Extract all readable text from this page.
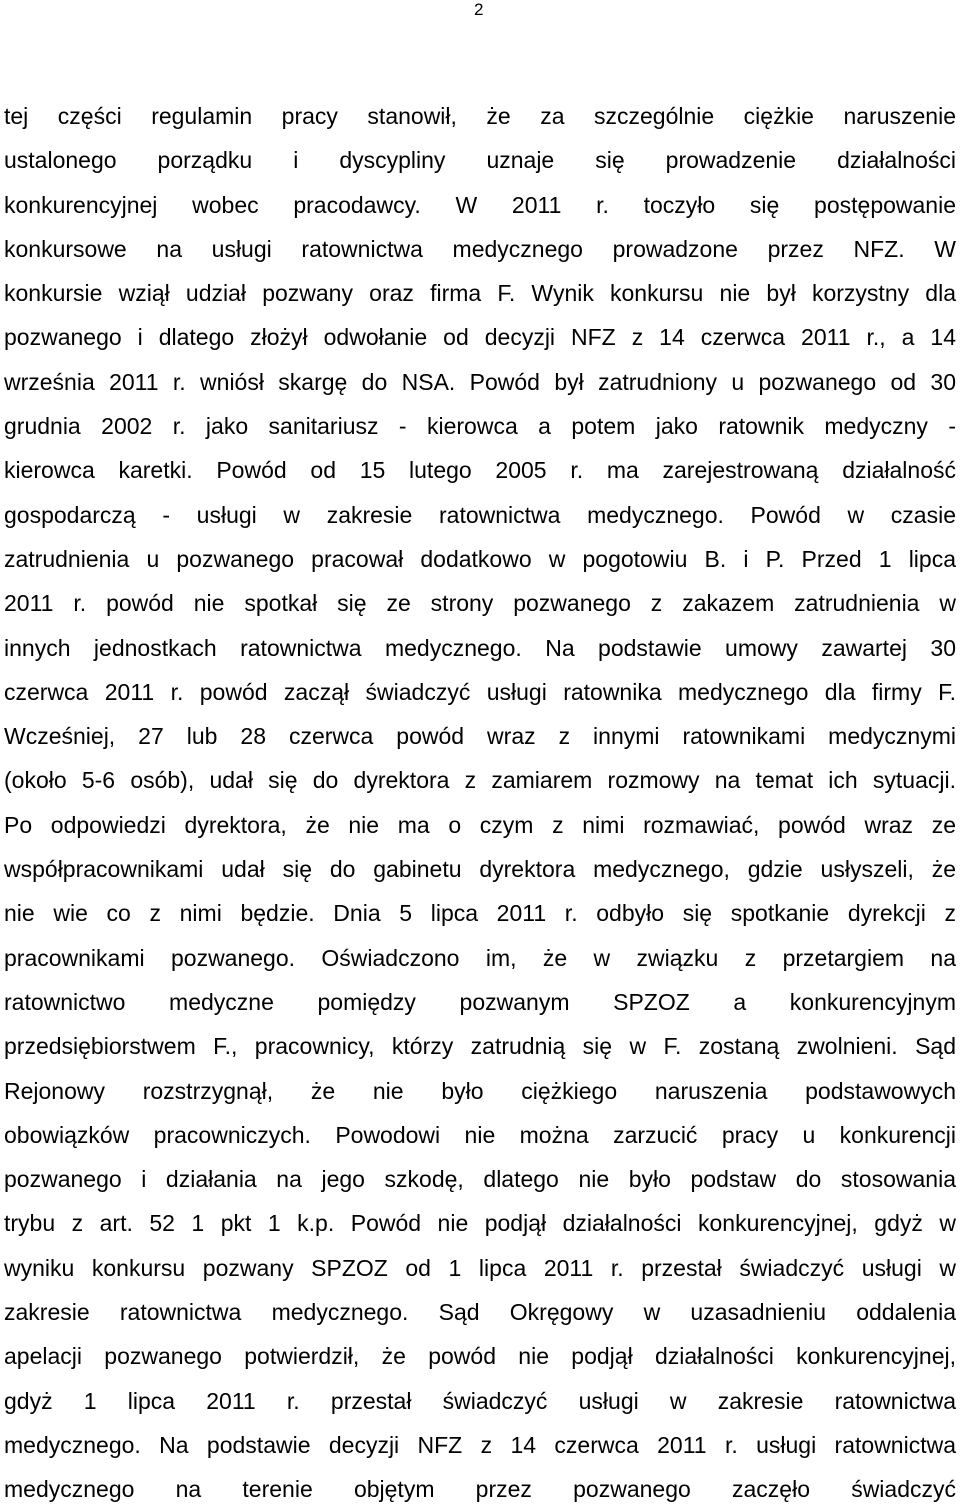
2
tej części regulamin pracy stanowił, że za szczególnie ciężkie naruszenie
ustalonego porządku i dyscypliny uznaje się prowadzenie działalności
konkurencyjnej wobec pracodawcy. W 2011 r. toczyło się postępowanie
konkursowe na usługi ratownictwa medycznego prowadzone przez NFZ. W
konkursie wziął udział pozwany oraz firma F. Wynik konkursu nie był korzystny dla
pozwanego i dlatego złożył odwołanie od decyzji NFZ z 14 czerwca 2011 r., a 14
września 2011 r. wniósł skargę do NSA. Powód był zatrudniony u pozwanego od 30
grudnia 2002 r. jako sanitariusz - kierowca a potem jako ratownik medyczny -
kierowca karetki. Powód od 15 lutego 2005 r. ma zarejestrowaną działalność
gospodarczą - usługi w zakresie ratownictwa medycznego. Powód w czasie
zatrudnienia u pozwanego pracował dodatkowo w pogotowiu B. i P. Przed 1 lipca
2011 r. powód nie spotkał się ze strony pozwanego z zakazem zatrudnienia w
innych jednostkach ratownictwa medycznego. Na podstawie umowy zawartej 30
czerwca 2011 r. powód zaczął świadczyć usługi ratownika medycznego dla firmy F.
Wcześniej, 27 lub 28 czerwca powód wraz z innymi ratownikami medycznymi
(około 5-6 osób), udał się do dyrektora z zamiarem rozmowy na temat ich sytuacji.
Po odpowiedzi dyrektora, że nie ma o czym z nimi rozmawiać, powód wraz ze
współpracownikami udał się do gabinetu dyrektora medycznego, gdzie usłyszeli, że
nie wie co z nimi będzie. Dnia 5 lipca 2011 r. odbyło się spotkanie dyrekcji z
pracownikami pozwanego. Oświadczono im, że w związku z przetargiem na
ratownictwo medyczne pomiędzy pozwanym SPZOZ a konkurencyjnym
przedsiębiorstwem F., pracownicy, którzy zatrudnią się w F. zostaną zwolnieni. Sąd
Rejonowy rozstrzygnął, że nie było ciężkiego naruszenia podstawowych
obowiązków pracowniczych. Powodowi nie można zarzucić pracy u konkurencji
pozwanego i działania na jego szkodę, dlatego nie było podstaw do stosowania
trybu z art. 52 1 pkt 1 k.p. Powód nie podjął działalności konkurencyjnej, gdyż w
wyniku konkursu pozwany SPZOZ od 1 lipca 2011 r. przestał świadczyć usługi w
zakresie ratownictwa medycznego. Sąd Okręgowy w uzasadnieniu oddalenia
apelacji pozwanego potwierdził, że powód nie podjął działalności konkurencyjnej,
gdyż 1 lipca 2011 r. przestał świadczyć usługi w zakresie ratownictwa
medycznego. Na podstawie decyzji NFZ z 14 czerwca 2011 r. usługi ratownictwa
medycznego na terenie objętym przez pozwanego zaczęło świadczyć
